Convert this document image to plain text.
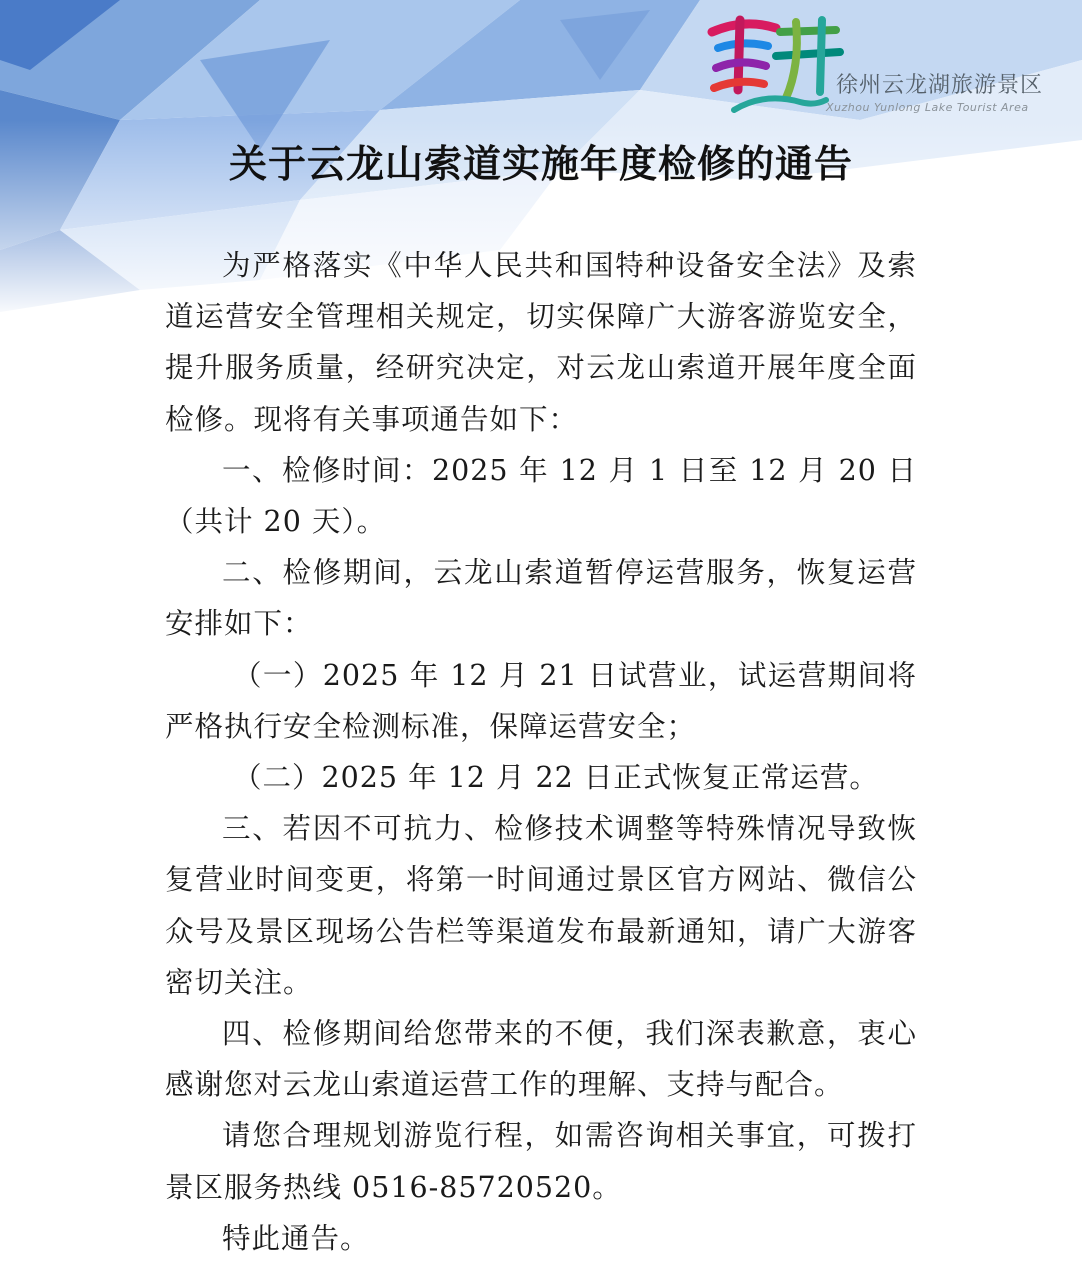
徐州云龙湖旅游景区
Xuzhou Yunlong Lake Tourist Area
关于云龙山索道实施年度检修的通告

为严格落实《中华人民共和国特种设备安全法》及索道运营安全管理相关规定，切实保障广大游客游览安全，提升服务质量，经研究决定，对云龙山索道开展年度全面检修。现将有关事项通告如下：

一、检修时间：2025 年 12 月 1 日至 12 月 20 日（共计 20 天）。

二、检修期间，云龙山索道暂停运营服务，恢复运营安排如下：

（一）2025 年 12 月 21 日试营业，试运营期间将严格执行安全检测标准，保障运营安全；

（二）2025 年 12 月 22 日正式恢复正常运营。

三、若因不可抗力、检修技术调整等特殊情况导致恢复营业时间变更，将第一时间通过景区官方网站、微信公众号及景区现场公告栏等渠道发布最新通知，请广大游客密切关注。

四、检修期间给您带来的不便，我们深表歉意，衷心感谢您对云龙山索道运营工作的理解、支持与配合。

请您合理规划游览行程，如需咨询相关事宜，可拨打景区服务热线 0516-85720520。

特此通告。
